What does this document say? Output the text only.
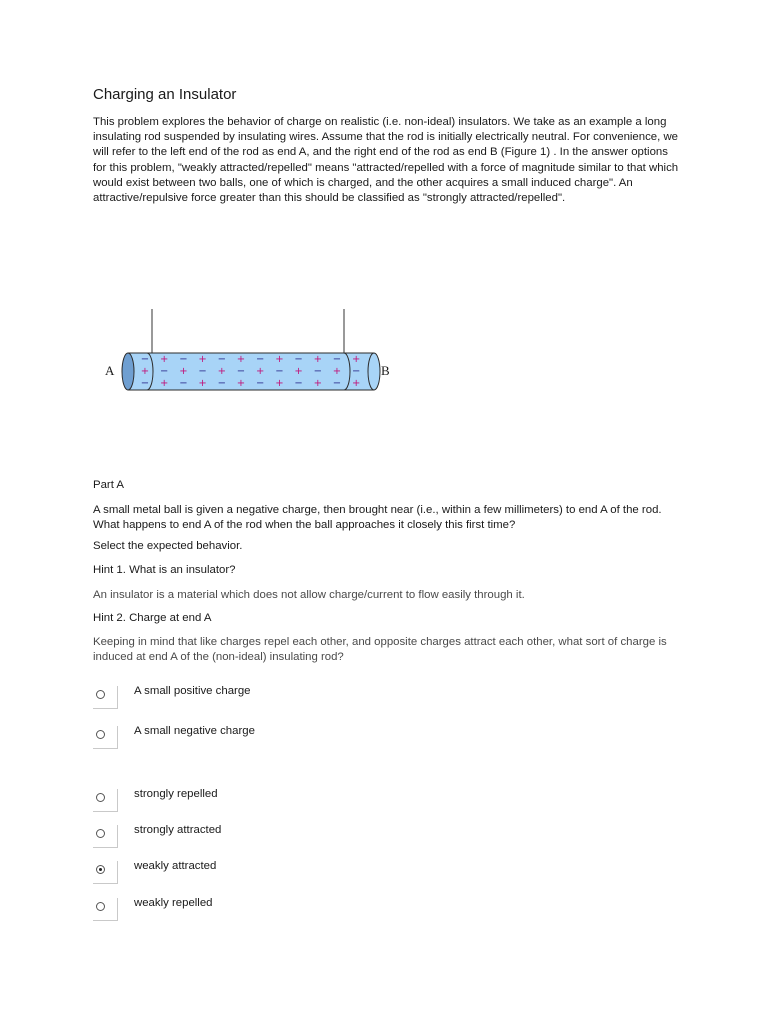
Charging an Insulator
This problem explores the behavior of charge on realistic (i.e. non-ideal) insulators. We take as an example a long insulating rod suspended by insulating wires. Assume that the rod is initially electrically neutral. For convenience, we will refer to the left end of the rod as end A, and the right end of the rod as end B (Figure 1) . In the answer options for this problem, "weakly attracted/repelled" means "attracted/repelled with a force of magnitude similar to that which would exist between two balls, one of which is charged, and the other acquires a small induced charge". An attractive/repulsive force greater than this should be classified as "strongly attracted/repelled".
− + − + − + − + − + − +
+ − + − + − + − + − + −
− + − + − + − + − + − +
A	B
Part A
A small metal ball is given a negative charge, then brought near (i.e., within a few millimeters) to end A of the rod. What happens to end A of the rod when the ball approaches it closely this first time?
Select the expected behavior.
Hint 1. What is an insulator?
An insulator is a material which does not allow charge/current to flow easily through it.
Hint 2. Charge at end A
Keeping in mind that like charges repel each other, and opposite charges attract each other, what sort of charge is induced at end A of the (non-ideal) insulating rod?
A small positive charge
A small negative charge
strongly repelled
strongly attracted
weakly attracted
weakly repelled
